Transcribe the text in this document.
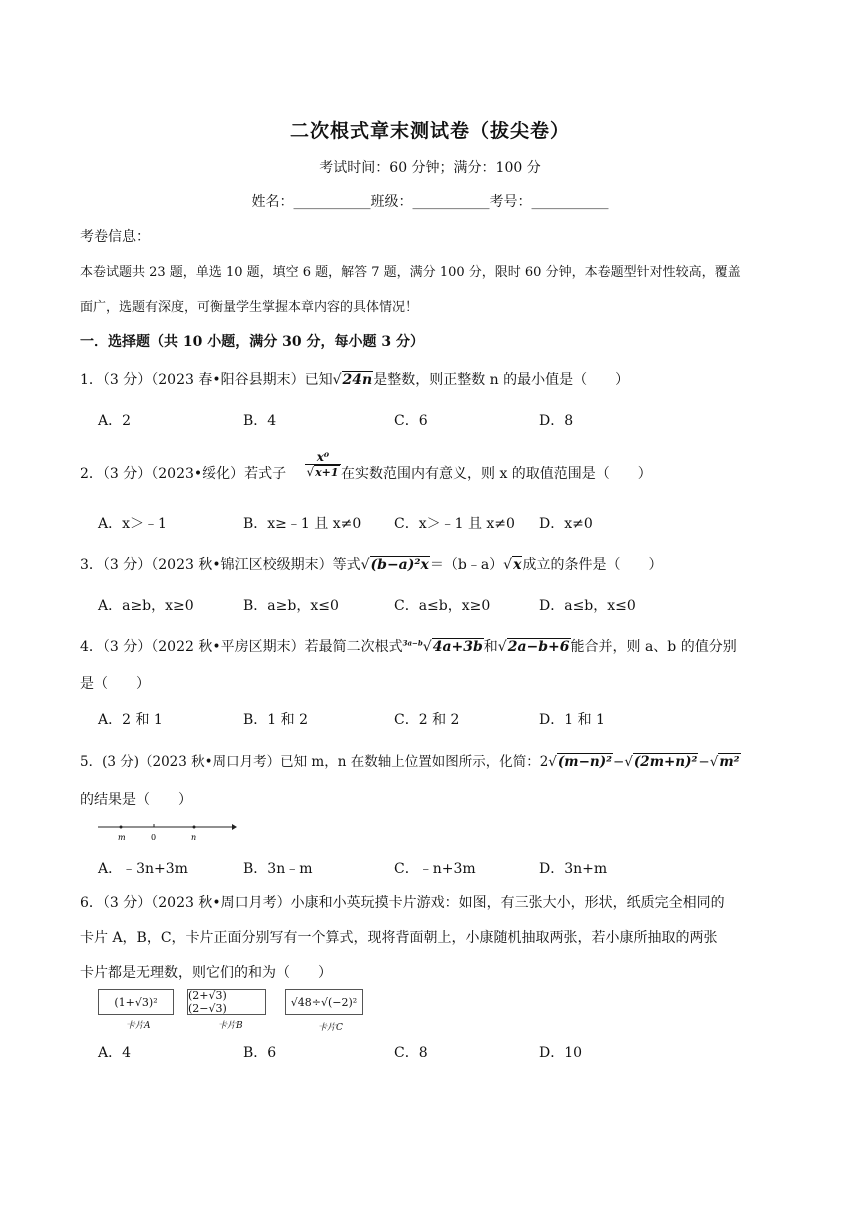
二次根式章末测试卷（拔尖卷）
考试时间：60 分钟；满分：100 分
姓名：___________班级：___________考号：___________
考卷信息：
本卷试题共 23 题，单选 10 题，填空 6 题，解答 7 题，满分 100 分，限时 60 分钟，本卷题型针对性较高，覆盖
面广，选题有深度，可衡量学生掌握本章内容的具体情况！
一．选择题（共 10 小题，满分 30 分，每小题 3 分）
1．（3 分）（2023 春•阳谷县期末）已知√24n是整数，则正整数 n 的最小值是（　　）
A．2	B．4	C．6	D．8
2．（3 分）（2023•绥化）若式子 $\frac{\text{x⁰}}{√x+1}$ 在实数范围内有意义，则 x 的取值范围是（　　）
A．x＞﹣1	B．x≥﹣1 且 x≠0 C．x＞﹣1 且 x≠0 D．x≠0
3．（3 分）（2023 秋•锦江区校级期末）等式√(b−a)²x＝（b﹣a）√x成立的条件是（　　）
A．a≥b，x≥0	B．a≥b，x≤0	C．a≤b，x≥0	D．a≤b，x≤0
4．（3 分）（2022 秋•平房区期末）若最简二次根式$^{3a-b}$√4a+3b和√2a−b+6能合并，则 a、b 的值分别
是（　　）
A．2 和 1	B．1 和 2	C．2 和 2	D．1 和 1
5．(3 分)（2023 秋•周口月考）已知 m，n 在数轴上位置如图所示，化简：2√(m−n)²−√(2m+n)²−√m²
的结果是（　　）
m	0	n
A．﹣3n+3m	B．3n﹣m	C．﹣n+3m	D．3n+m
6．（3 分）（2023 秋•周口月考）小康和小英玩摸卡片游戏：如图，有三张大小，形状，纸质完全相同的
卡片 A，B，C，卡片正面分别写有一个算式，现将背面朝上，小康随机抽取两张，若小康所抽取的两张
卡片都是无理数，则它们的和为（　　）
(1+√3)²
卡片A
(2+√3)(2−√3)
卡片B
√48÷√(−2)²
卡片C
A．4	B．6	C．8	D．10
